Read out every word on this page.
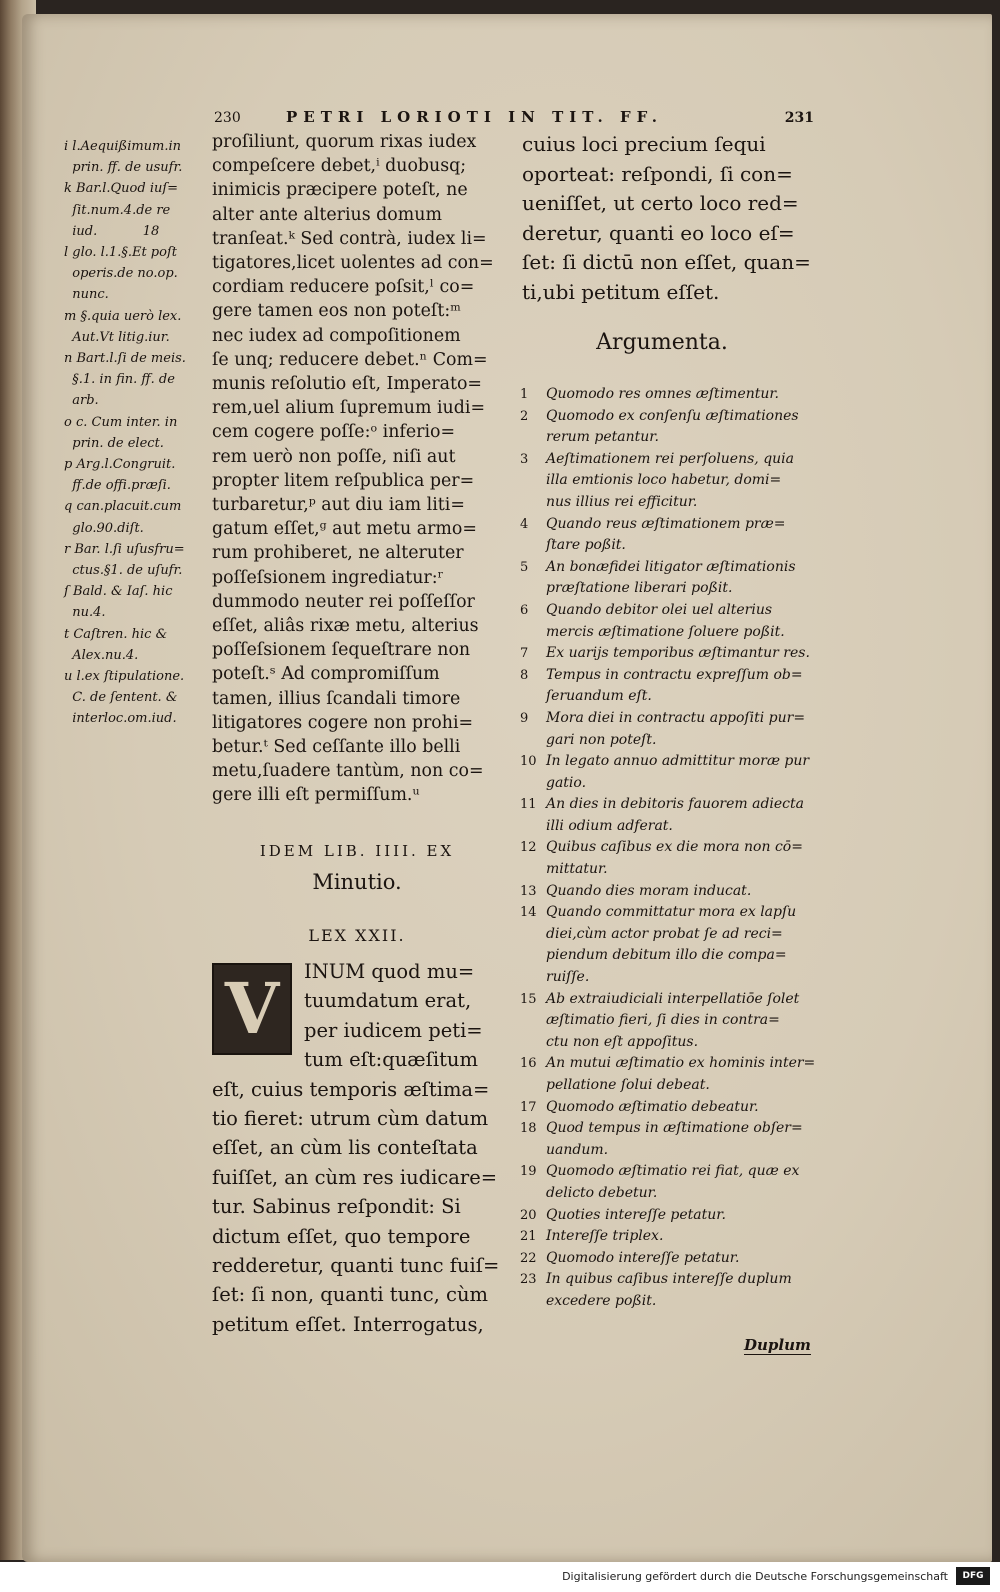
230	PETRI LORIOTI IN TIT. FF.	231

i l.Aequißimum.in

prin. ff. de usufr.

k Bar.l.Quod iuſ=

ſit.num.4.de re

iud.           18

l glo. l.1.§.Et poſt

operis.de no.op.

nunc.

m §.quia uerò lex.

Aut.Vt litig.iur.

n Bart.l.ſi de meis.

§.1. in fin. ff. de

arb.

o c. Cum inter. in

prin. de elect.

p Arg.l.Congruit.

ff.de offi.præſi.

q can.placuit.cum

glo.90.diſt.

r Bar. l.ſi uſusfru=

ctus.§1. de uſufr.

ſ Bald. & Iaſ. hic

nu.4.

t Caſtren. hic &

Alex.nu.4.

u l.ex ſtipulatione.

C. de ſentent. &

interloc.om.iud.

proſiliunt, quorum rixas iudex

compeſcere debet,ⁱ duobusq;

inimicis præcipere poteſt, ne

alter ante alterius domum

tranſeat.ᵏ Sed contrà, iudex li=

tigatores,licet uolentes ad con=

cordiam reducere poſsit,ˡ co=

gere tamen eos non poteſt:ᵐ

nec iudex ad compoſitionem

ſe unq; reducere debet.ⁿ Com=

munis reſolutio eſt, Imperato=

rem,uel alium ſupremum iudi=

cem cogere poſſe:ᵒ inferio=

rem uerò non poſſe, niſi aut

propter litem reſpublica per=

turbaretur,ᵖ aut diu iam liti=

gatum eſſet,ᵍ aut metu armo=

rum prohiberet, ne alteruter

poſſeſsionem ingrediatur:ʳ

dummodo neuter rei poſſeſſor

eſſet, aliâs rixæ metu, alterius

poſſeſsionem ſequeſtrare non

poteſt.ˢ Ad compromiſſum

tamen, illius ſcandali timore

litigatores cogere non prohi=

betur.ᵗ Sed ceſſante illo belli

metu,ſuadere tantùm, non co=

gere illi eſt permiſſum.ᵘ

cuius loci precium ſequi

oporteat: reſpondi, ſi con=

ueniſſet, ut certo loco red=

deretur, quanti eo loco eſ=

ſet: ſi dictū non eſſet, quan=

ti,ubi petitum eſſet.

IDEM LIB. IIII. EX
Minutio.
LEX XXII.
V	INUM quod mu=

tuumdatum erat,

per iudicem peti=

tum eſt:quæſitum

eſt, cuius temporis æſtima=

tio fieret: utrum cùm datum

eſſet, an cùm lis conteſtata

fuiſſet, an cùm res iudicare=

tur. Sabinus reſpondit: Si

dictum eſſet, quo tempore

redderetur, quanti tunc fuiſ=

ſet: ſi non, quanti tunc, cùm

petitum eſſet. Interrogatus,

Argumenta.
1	Quomodo res omnes æſtimentur.
2	Quomodo ex conſenſu æſtimationes
rerum petantur.
3	Aeſtimationem rei perſoluens, quia
illa emtionis loco habetur, domi=
nus illius rei efficitur.
4	Quando reus æſtimationem præ=
ſtare poßit.
5	An bonæfidei litigator æſtimationis
præſtatione liberari poßit.
6	Quando debitor olei uel alterius
mercis æſtimatione ſoluere poßit.
7	Ex uarijs temporibus æſtimantur res.
8	Tempus in contractu expreſſum ob=
ſeruandum eſt.
9	Mora diei in contractu appoſiti pur=
gari non poteſt.
10 In legato annuo admittitur moræ pur
gatio.
11 An dies in debitoris fauorem adiecta
illi odium adferat.
12 Quibus caſibus ex die mora non cō=
mittatur.
13 Quando dies moram inducat.
14 Quando committatur mora ex lapſu
diei,cùm actor probat ſe ad reci=
piendum debitum illo die compa=
ruiſſe.
15 Ab extraiudiciali interpellatiōe ſolet
æſtimatio fieri, ſi dies in contra=
ctu non eſt appoſitus.
16 An mutui æſtimatio ex hominis inter=
pellatione ſolui debeat.
17 Quomodo æſtimatio debeatur.
18 Quod tempus in æſtimatione obſer=
uandum.
19 Quomodo æſtimatio rei fiat, quæ ex
delicto debetur.
20 Quoties intereſſe petatur.
21 Intereſſe triplex.
22 Quomodo intereſſe petatur.
23 In quibus caſibus intereſſe duplum
excedere poßit.
Duplum
Digitalisierung gefördert durch die Deutsche Forschungsgemeinschaft	DFG
